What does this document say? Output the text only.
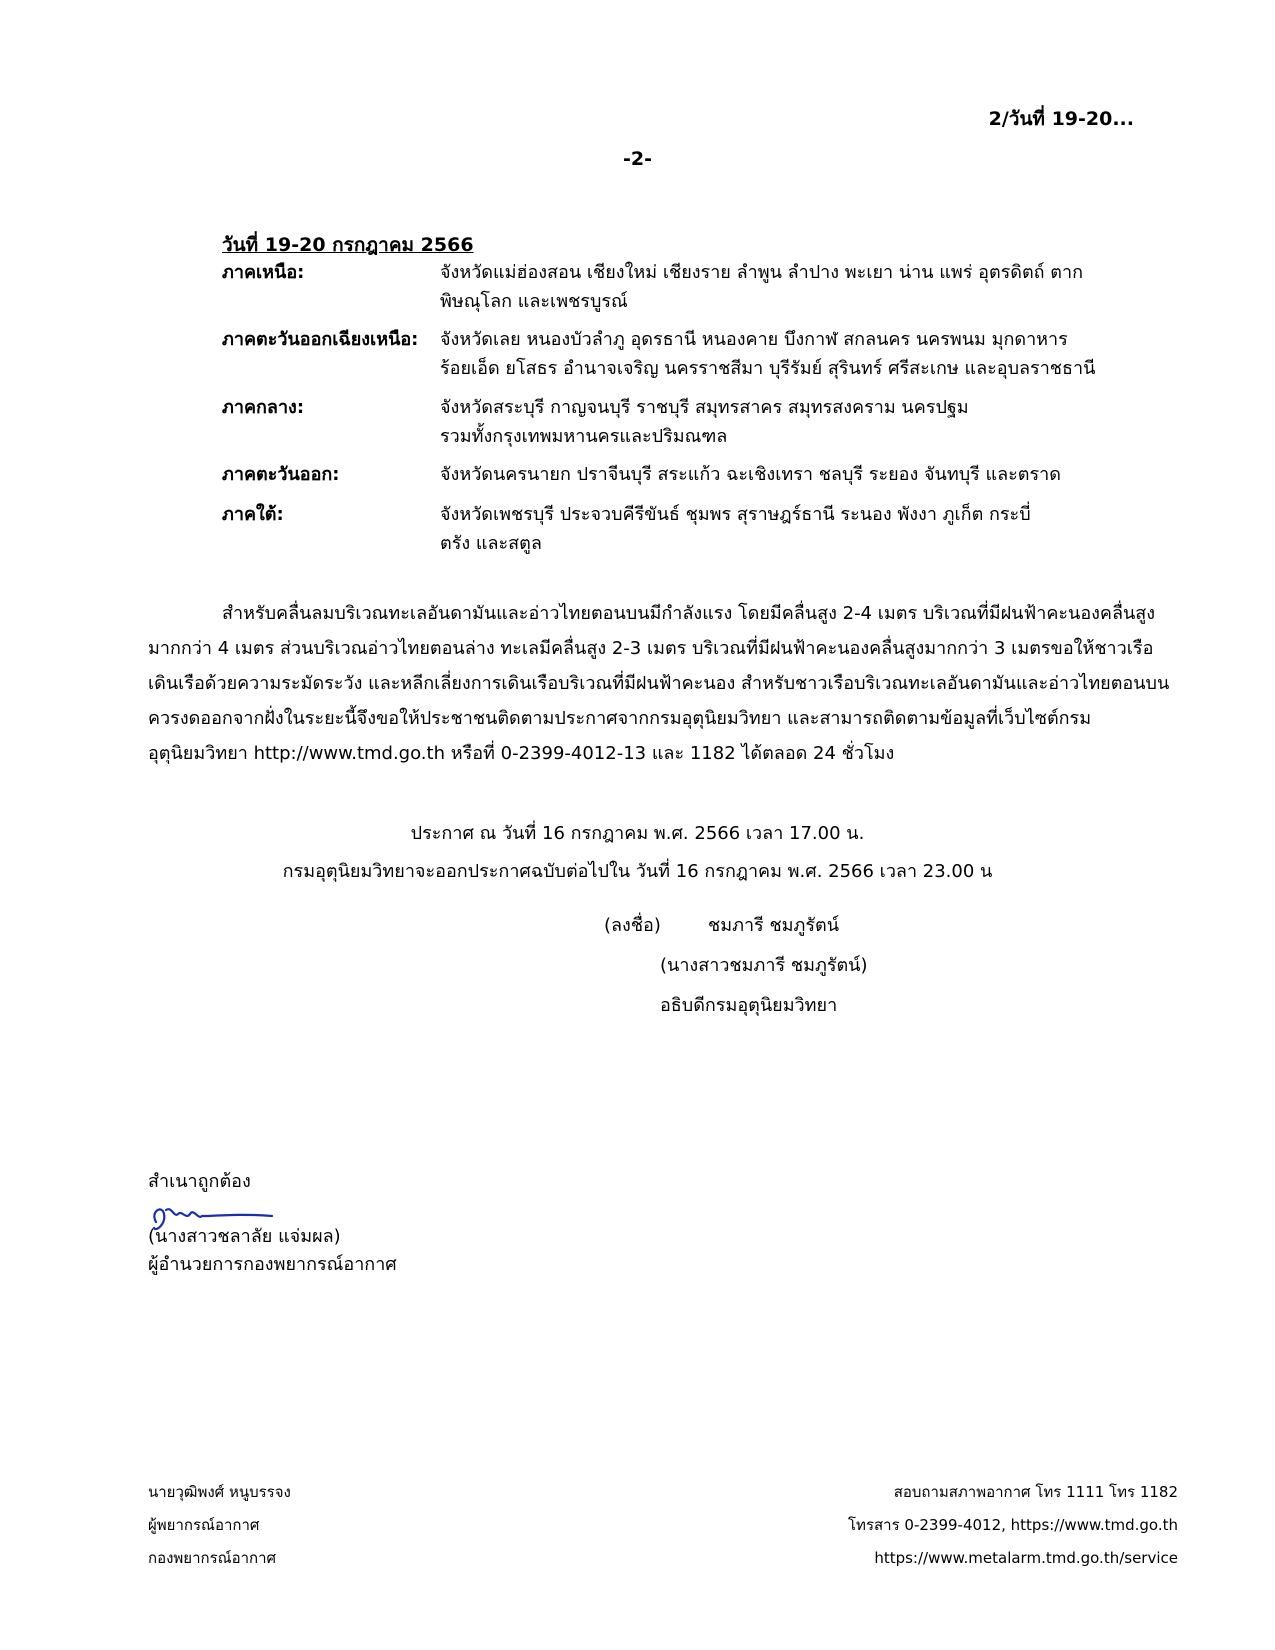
2/วันที่ 19-20...
-2-
วันที่ 19-20 กรกฎาคม 2566
ภาคเหนือ:	จังหวัดแม่ฮ่องสอน เชียงใหม่ เชียงราย ลำพูน ลำปาง พะเยา น่าน แพร่ อุตรดิตถ์ ตาก
พิษณุโลก และเพชรบูรณ์
ภาคตะวันออกเฉียงเหนือ: จังหวัดเลย หนองบัวลำภู อุดรธานี หนองคาย บึงกาฬ สกลนคร นครพนม มุกดาหาร
ร้อยเอ็ด ยโสธร อำนาจเจริญ นครราชสีมา บุรีรัมย์ สุรินทร์ ศรีสะเกษ และอุบลราชธานี
ภาคกลาง:	จังหวัดสระบุรี กาญจนบุรี ราชบุรี สมุทรสาคร สมุทรสงคราม นครปฐม
รวมทั้งกรุงเทพมหานครและปริมณฑล
ภาคตะวันออก:	จังหวัดนครนายก ปราจีนบุรี สระแก้ว ฉะเชิงเทรา ชลบุรี ระยอง จันทบุรี และตราด
ภาคใต้:	จังหวัดเพชรบุรี ประจวบคีรีขันธ์ ชุมพร สุราษฎร์ธานี ระนอง พังงา ภูเก็ต กระบี่
ตรัง และสตูล
สำหรับคลื่นลมบริเวณทะเลอันดามันและอ่าวไทยตอนบนมีกำลังแรง โดยมีคลื่นสูง 2-4 เมตร บริเวณที่มีฝนฟ้าคะนองคลื่นสูง
มากกว่า 4 เมตร ส่วนบริเวณอ่าวไทยตอนล่าง ทะเลมีคลื่นสูง 2-3 เมตร บริเวณที่มีฝนฟ้าคะนองคลื่นสูงมากกว่า 3 เมตรขอให้ชาวเรือ
เดินเรือด้วยความระมัดระวัง และหลีกเลี่ยงการเดินเรือบริเวณที่มีฝนฟ้าคะนอง สำหรับชาวเรือบริเวณทะเลอันดามันและอ่าวไทยตอนบน
ควรงดออกจากฝั่งในระยะนี้จึงขอให้ประชาชนติดตามประกาศจากกรมอุตุนิยมวิทยา และสามารถติดตามข้อมูลที่เว็บไซต์กรม
อุตุนิยมวิทยา http://www.tmd.go.th หรือที่ 0-2399-4012-13 และ 1182 ได้ตลอด 24 ชั่วโมง
ประกาศ ณ วันที่ 16 กรกฎาคม พ.ศ. 2566 เวลา 17.00 น.
กรมอุตุนิยมวิทยาจะออกประกาศฉบับต่อไปใน วันที่ 16 กรกฎาคม พ.ศ. 2566 เวลา 23.00 น
(ลงชื่อ)	ชมภารี ชมภูรัตน์
(นางสาวชมภารี ชมภูรัตน์)
อธิบดีกรมอุตุนิยมวิทยา
สำเนาถูกต้อง
(นางสาวชลาลัย แจ่มผล)
ผู้อำนวยการกองพยากรณ์อากาศ
นายวุฒิพงศ์ หนูบรรจง
ผู้พยากรณ์อากาศ
กองพยากรณ์อากาศ
สอบถามสภาพอากาศ โทร 1111 โทร 1182
โทรสาร 0-2399-4012, https://www.tmd.go.th
https://www.metalarm.tmd.go.th/service
